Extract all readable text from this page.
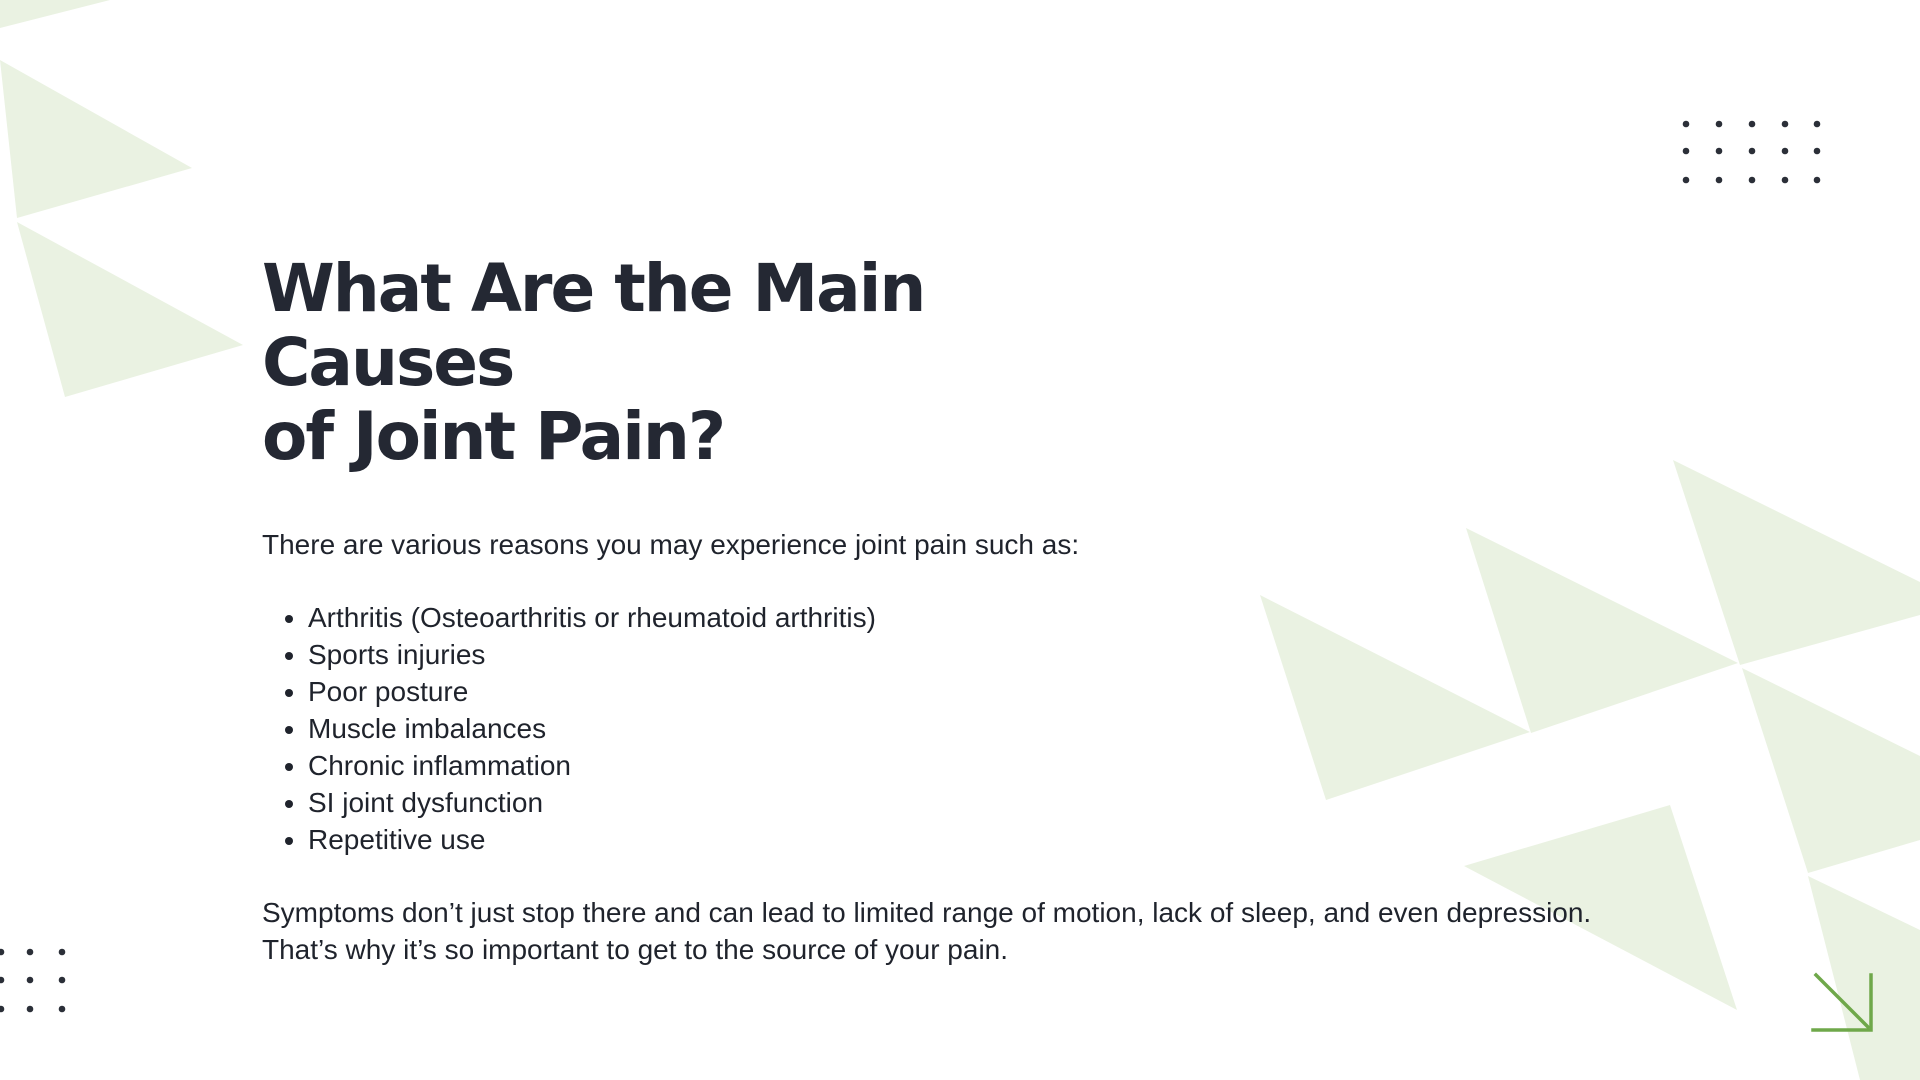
What Are the Main Causes
of Joint Pain?

There are various reasons you may experience joint pain such as:

• Arthritis (Osteoarthritis or rheumatoid arthritis)
• Sports injuries
• Poor posture
• Muscle imbalances
• Chronic inflammation
• SI joint dysfunction
• Repetitive use

Symptoms don’t just stop there and can lead to limited range of motion, lack of sleep, and even depression. That’s why it’s so important to get to the source of your pain.
